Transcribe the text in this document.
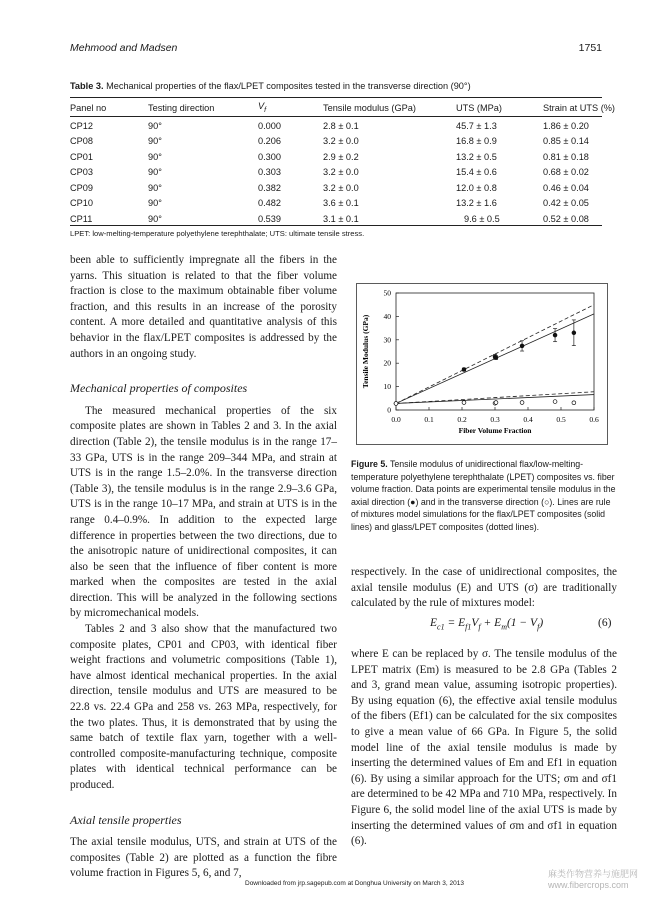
Mehmood and Madsen	1751
Table 3. Mechanical properties of the flax/LPET composites tested in the transverse direction (90°)
Panel no	Testing direction	$V_f$	Tensile modulus (GPa)	UTS (MPa)	Strain at UTS (%)
CP12	90°	0.000	2.8 ± 0.1	45.7 ± 1.3	1.86 ± 0.20
CP08	90°	0.206	3.2 ± 0.0	16.8 ± 0.9	0.85 ± 0.14
CP01	90°	0.300	2.9 ± 0.2	13.2 ± 0.5	0.81 ± 0.18
CP03	90°	0.303	3.2 ± 0.0	15.4 ± 0.6	0.68 ± 0.02
CP09	90°	0.382	3.2 ± 0.0	12.0 ± 0.8	0.46 ± 0.04
CP10	90°	0.482	3.6 ± 0.1	13.2 ± 1.6	0.42 ± 0.05
CP11	90°	0.539	3.1 ± 0.1	9.6 ± 0.5	0.52 ± 0.08
LPET: low-melting-temperature polyethylene terephthalate; UTS: ultimate tensile stress.
been able to sufficiently impregnate all the fibers in the yarns. This situation is related to that the fiber volume fraction is close to the maximum obtainable fiber volume fraction, and this results in an increase of the porosity content. A more detailed and quantitative analysis of this behavior in the flax/LPET composites is addressed by the authors in an ongoing study.
Mechanical properties of composites
The measured mechanical properties of the six composite plates are shown in Tables 2 and 3. In the axial direction (Table 2), the tensile modulus is in the range 17–33 GPa, UTS is in the range 209–344 MPa, and strain at UTS is in the range 1.5–2.0%. In the transverse direction (Table 3), the tensile modulus is in the range 2.9–3.6 GPa, UTS is in the range 10–17 MPa, and strain at UTS is in the range 0.4–0.9%. In addition to the expected large difference in properties between the two directions, due to the anisotropic nature of unidirectional composites, it can also be seen that the influence of fiber content is more marked when the composites are tested in the axial direction. This will be analyzed in the following sections by micromechanical models.
Tables 2 and 3 also show that the manufactured two composite plates, CP01 and CP03, with identical fiber weight fractions and volumetric compositions (Table 1), have almost identical mechanical properties. In the axial direction, tensile modulus and UTS are measured to be 22.8 vs. 22.4 GPa and 258 vs. 263 MPa, respectively, for the two plates. Thus, it is demonstrated that by using the same batch of textile flax yarn, together with a well-controlled composite-manufacturing technique, composite plates with identical technical performance can be produced.
Axial tensile properties
The axial tensile modulus, UTS, and strain at UTS of the composites (Table 2) are plotted as a function the fibre volume fraction in Figures 5, 6, and 7,
0.0	0.1	0.2	0.3	0.4	0.5	0.6
0
10
20
30
40
50
Fiber Volume Fraction
Tensile Modulus (GPa)
Figure 5. Tensile modulus of unidirectional flax/low-melting-temperature polyethylene terephthalate (LPET) composites vs. fiber volume fraction. Data points are experimental tensile modulus in the axial direction (●) and in the transverse direction (○). Lines are rule of mixtures model simulations for the flax/LPET composites (solid lines) and glass/LPET composites (dotted lines).
respectively. In the case of unidirectional composites, the axial tensile modulus (E) and UTS (σ) are traditionally calculated by the rule of mixtures model:
$E_{c1} = E_{f1}V_f + E_m(1 - V_f)$	(6)
where E can be replaced by σ. The tensile modulus of the LPET matrix (Em) is measured to be 2.8 GPa (Tables 2 and 3, grand mean value, assuming isotropic properties). By using equation (6), the effective axial tensile modulus of the fibers (Ef1) can be calculated for the six composites to give a mean value of 66 GPa. In Figure 5, the solid model line of the axial tensile modulus is made by inserting the determined values of Em and Ef1 in equation (6). By using a similar approach for the UTS; σm and σf1 are determined to be 42 MPa and 710 MPa, respectively. In Figure 6, the solid model line of the axial UTS is made by inserting the determined values of σm and σf1 in equation (6).
Downloaded from jrp.sagepub.com at Donghua University on March 3, 2013
麻类作物营养与施肥网
www.fibercrops.com
